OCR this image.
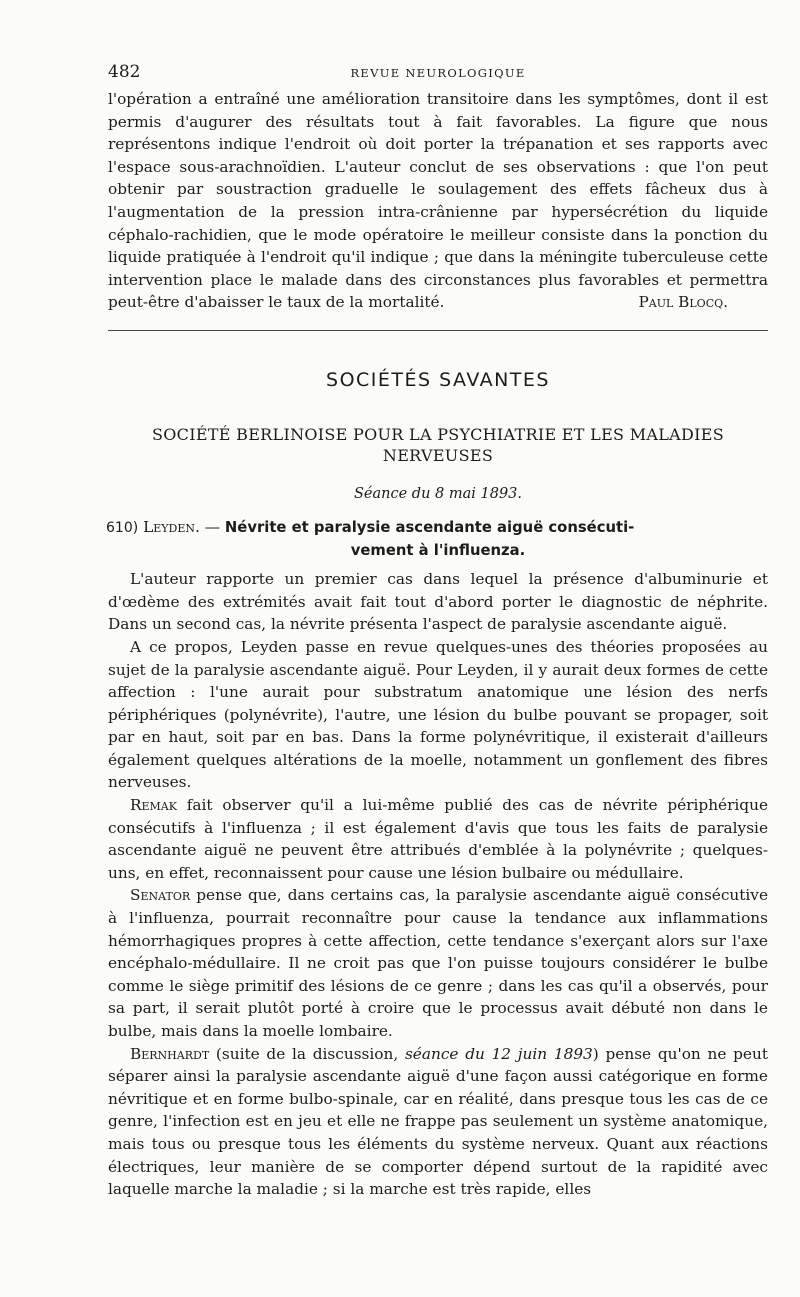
482	REVUE NEUROLOGIQUE

l'opération a entraîné une amélioration transitoire dans les symptômes, dont il est permis d'augurer des résultats tout à fait favorables. La figure que nous représentons indique l'endroit où doit porter la trépanation et ses rapports avec l'espace sous-arachnoïdien. L'auteur conclut de ses observations : que l'on peut obtenir par soustraction graduelle le soulagement des effets fâcheux dus à l'augmentation de la pression intra-crânienne par hypersécrétion du liquide céphalo-rachidien, que le mode opératoire le meilleur consiste dans la ponction du liquide pratiquée à l'endroit qu'il indique ; que dans la méningite tuberculeuse cette intervention place le malade dans des circonstances plus favorables et permettra peut-être d'abaisser le taux de la mortalité.	Paul Blocq.

SOCIÉTÉS SAVANTES
SOCIÉTÉ BERLINOISE POUR LA PSYCHIATRIE ET LES MALADIES NERVEUSES
Séance du 8 mai 1893.
610) Leyden. — Névrite et paralysie ascendante aiguë consécuti-
vement à l'influenza.

L'auteur rapporte un premier cas dans lequel la présence d'albuminurie et d'œdème des extrémités avait fait tout d'abord porter le diagnostic de néphrite. Dans un second cas, la névrite présenta l'aspect de paralysie ascendante aiguë.

A ce propos, Leyden passe en revue quelques-unes des théories proposées au sujet de la paralysie ascendante aiguë. Pour Leyden, il y aurait deux formes de cette affection : l'une aurait pour substratum anatomique une lésion des nerfs périphériques (polynévrite), l'autre, une lésion du bulbe pouvant se propager, soit par en haut, soit par en bas. Dans la forme polynévritique, il existerait d'ailleurs également quelques altérations de la moelle, notamment un gonflement des fibres nerveuses.

Remak fait observer qu'il a lui-même publié des cas de névrite périphérique consécutifs à l'influenza ; il est également d'avis que tous les faits de paralysie ascendante aiguë ne peuvent être attribués d'emblée à la polynévrite ; quelques-uns, en effet, reconnaissent pour cause une lésion bulbaire ou médullaire.

Senator pense que, dans certains cas, la paralysie ascendante aiguë consécutive à l'influenza, pourrait reconnaître pour cause la tendance aux inflammations hémorrhagiques propres à cette affection, cette tendance s'exerçant alors sur l'axe encéphalo-médullaire. Il ne croit pas que l'on puisse toujours considérer le bulbe comme le siège primitif des lésions de ce genre ; dans les cas qu'il a observés, pour sa part, il serait plutôt porté à croire que le processus avait débuté non dans le bulbe, mais dans la moelle lombaire.

Bernhardt (suite de la discussion, séance du 12 juin 1893) pense qu'on ne peut séparer ainsi la paralysie ascendante aiguë d'une façon aussi catégorique en forme névritique et en forme bulbo-spinale, car en réalité, dans presque tous les cas de ce genre, l'infection est en jeu et elle ne frappe pas seulement un système anatomique, mais tous ou presque tous les éléments du système nerveux. Quant aux réactions électriques, leur manière de se comporter dépend surtout de la rapidité avec laquelle marche la maladie ; si la marche est très rapide, elles
